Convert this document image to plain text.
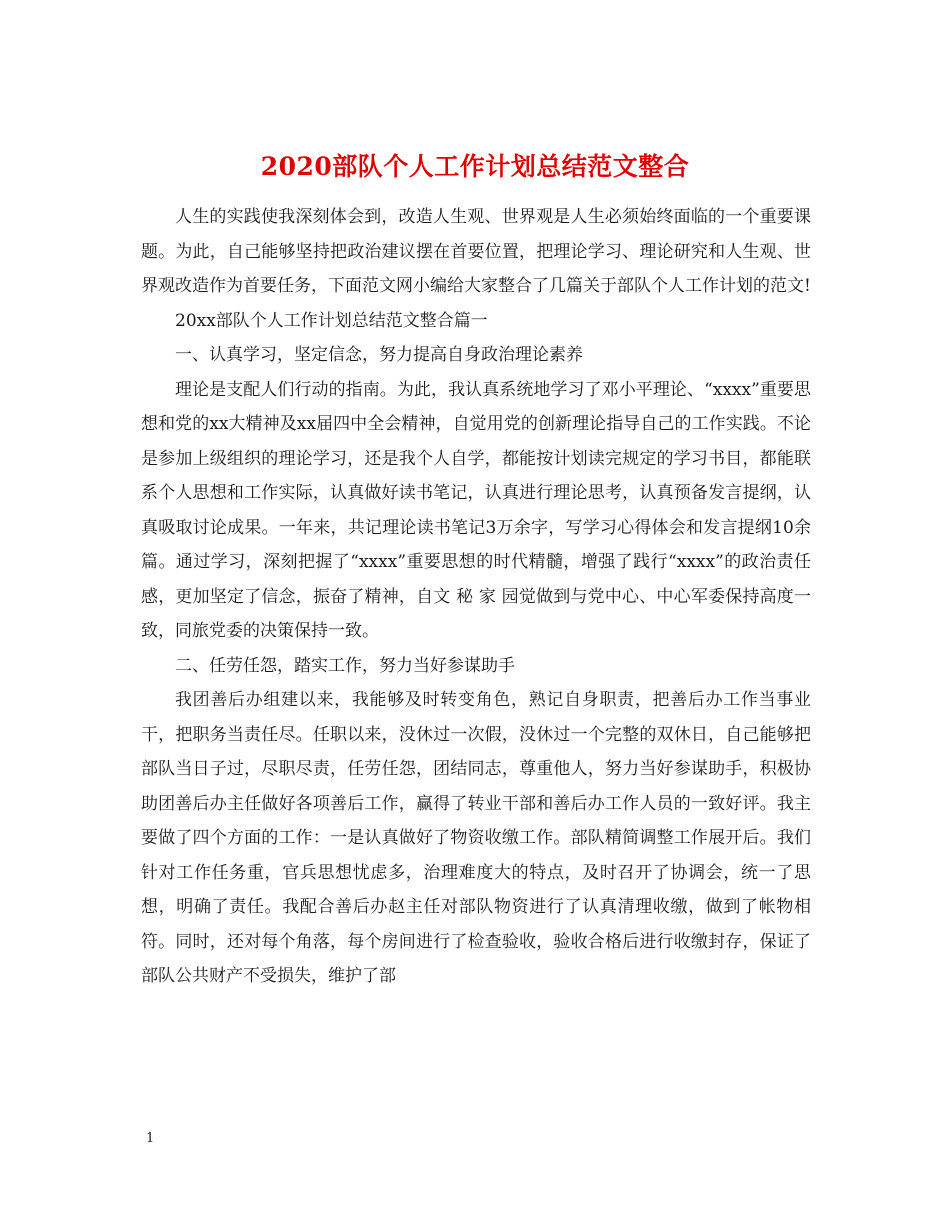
2020部队个人工作计划总结范文整合

人生的实践使我深刻体会到，改造人生观、世界观是人生必须始终面临的一个重要课题。为此，自己能够坚持把政治建议摆在首要位置，把理论学习、理论研究和人生观、世界观改造作为首要任务，下面范文网小编给大家整合了几篇关于部队个人工作计划的范文!

20xx部队个人工作计划总结范文整合篇一

一、认真学习，坚定信念，努力提高自身政治理论素养

理论是支配人们行动的指南。为此，我认真系统地学习了邓小平理论、“xxxx”重要思想和党的xx大精神及xx届四中全会精神，自觉用党的创新理论指导自己的工作实践。不论是参加上级组织的理论学习，还是我个人自学，都能按计划读完规定的学习书目，都能联系个人思想和工作实际，认真做好读书笔记，认真进行理论思考，认真预备发言提纲，认真吸取讨论成果。一年来，共记理论读书笔记3万余字，写学习心得体会和发言提纲10余篇。通过学习，深刻把握了“xxxx”重要思想的时代精髓，增强了践行“xxxx”的政治责任感，更加坚定了信念，振奋了精神，自文 秘 家 园觉做到与党中心、中心军委保持高度一致，同旅党委的决策保持一致。

二、任劳任怨，踏实工作，努力当好参谋助手

我团善后办组建以来，我能够及时转变角色，熟记自身职责，把善后办工作当事业干，把职务当责任尽。任职以来，没休过一次假，没休过一个完整的双休日，自己能够把部队当日子过，尽职尽责，任劳任怨，团结同志，尊重他人，努力当好参谋助手，积极协助团善后办主任做好各项善后工作，赢得了转业干部和善后办工作人员的一致好评。我主要做了四个方面的工作：一是认真做好了物资收缴工作。部队精简调整工作展开后。我们针对工作任务重，官兵思想忧虑多，治理难度大的特点，及时召开了协调会，统一了思想，明确了责任。我配合善后办赵主任对部队物资进行了认真清理收缴，做到了帐物相符。同时，还对每个角落，每个房间进行了检查验收，验收合格后进行收缴封存，保证了部队公共财产不受损失，维护了部

1
